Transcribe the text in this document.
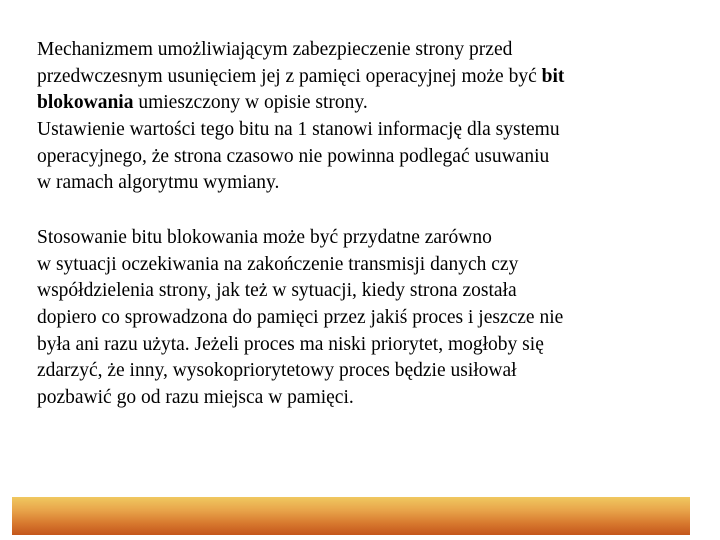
Mechanizmem umożliwiającym zabezpieczenie strony przed
przedwczesnym usunięciem jej z pamięci operacyjnej może być bit
blokowania umieszczony w opisie strony.
Ustawienie wartości tego bitu na 1 stanowi informację dla systemu
operacyjnego, że strona czasowo nie powinna podlegać usuwaniu
w ramach algorytmu wymiany.
Stosowanie bitu blokowania może być przydatne zarówno
w sytuacji oczekiwania na zakończenie transmisji danych czy
współdzielenia strony, jak też w sytuacji, kiedy strona została
dopiero co sprowadzona do pamięci przez jakiś proces i jeszcze nie
była ani razu użyta. Jeżeli proces ma niski priorytet, mogłoby się
zdarzyć, że inny, wysokopriorytetowy proces będzie usiłował
pozbawić go od razu miejsca w pamięci.
